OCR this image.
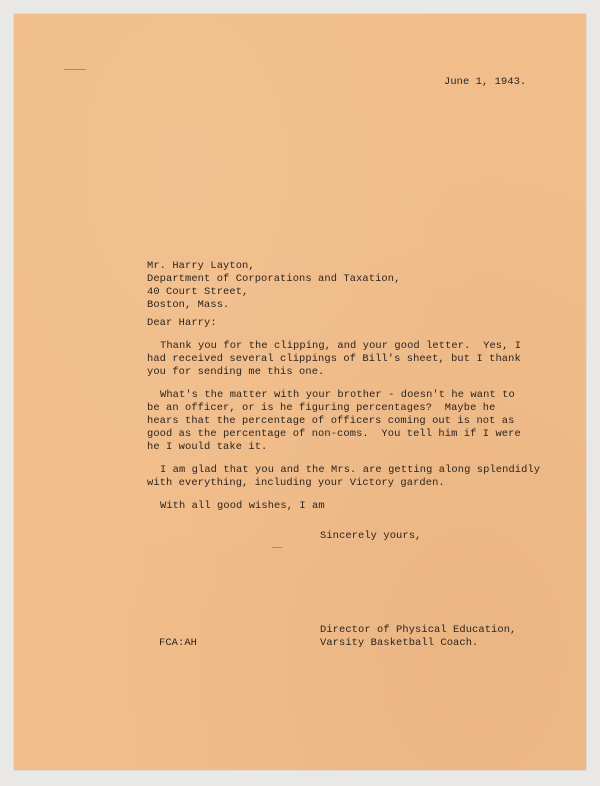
June 1, 1943.
Mr. Harry Layton,
Department of Corporations and Taxation,
40 Court Street,
Boston, Mass.
Dear Harry:
Thank you for the clipping, and your good letter.  Yes, I
had received several clippings of Bill's sheet, but I thank
you for sending me this one.
What's the matter with your brother - doesn't he want to
be an officer, or is he figuring percentages?  Maybe he
hears that the percentage of officers coming out is not as
good as the percentage of non-coms.  You tell him if I were
he I would take it.
I am glad that you and the Mrs. are getting along splendidly
with everything, including your Victory garden.
With all good wishes, I am
Sincerely yours,
FCA:AH
Director of Physical Education,
Varsity Basketball Coach.
